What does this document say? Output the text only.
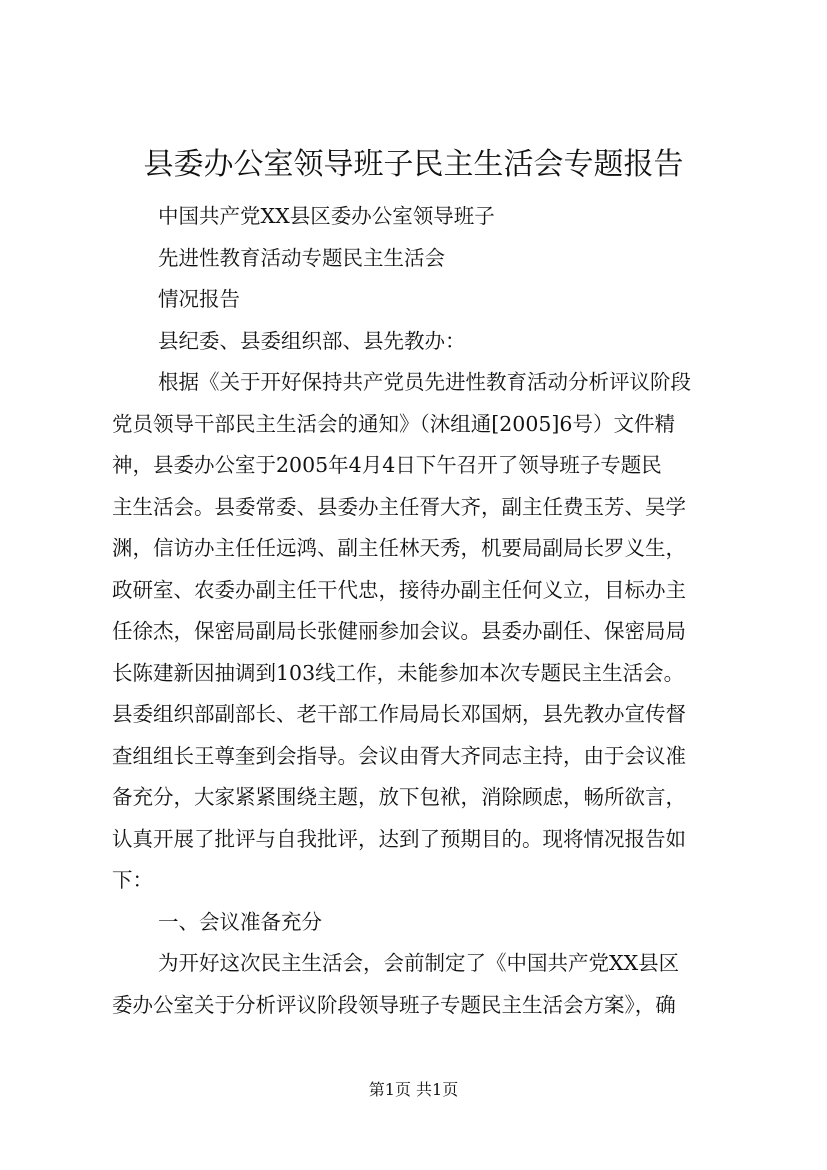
县委办公室领导班子民主生活会专题报告

中国共产党XX县区委办公室领导班子

先进性教育活动专题民主生活会

情况报告

县纪委、县委组织部、县先教办：

根据《关于开好保持共产党员先进性教育活动分析评议阶段

党员领导干部民主生活会的通知》（沐组通[2005]6号）文件精

神，县委办公室于2005年4月4日下午召开了领导班子专题民

主生活会。县委常委、县委办主任胥大齐，副主任费玉芳、吴学

渊，信访办主任任远鸿、副主任林天秀，机要局副局长罗义生，

政研室、农委办副主任干代忠，接待办副主任何义立，目标办主

任徐杰，保密局副局长张健丽参加会议。县委办副任、保密局局

长陈建新因抽调到103线工作，未能参加本次专题民主生活会。

县委组织部副部长、老干部工作局局长邓国炳，县先教办宣传督

查组组长王尊奎到会指导。会议由胥大齐同志主持，由于会议准

备充分，大家紧紧围绕主题，放下包袱，消除顾虑，畅所欲言，

认真开展了批评与自我批评，达到了预期目的。现将情况报告如

下：

一、会议准备充分

为开好这次民主生活会，会前制定了《中国共产党XX县区

委办公室关于分析评议阶段领导班子专题民主生活会方案》，确

第1页 共1页
